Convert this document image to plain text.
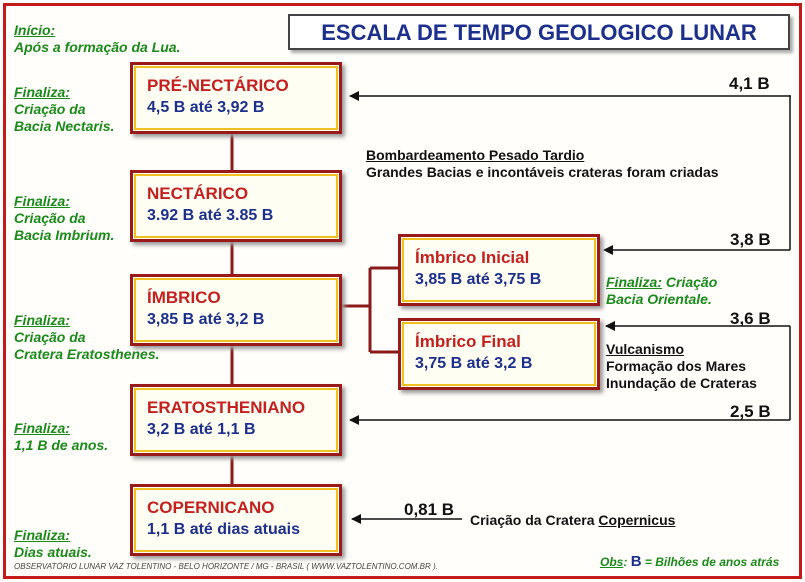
ESCALA DE TEMPO GEOLOGICO LUNAR
Início:
Após a formação da Lua.
Finaliza:
Criação da
Bacia Nectaris.
Finaliza:
Criação da
Bacia Imbrium.
Finaliza:
Criação da
Cratera Eratosthenes.
Finaliza:
1,1 B de anos.
Finaliza:
Dias atuais.
PRÉ-NECTÁRICO
4,5 B até 3,92 B
NECTÁRICO
3.92 B até 3.85 B
ÍMBRICO
3,85 B até 3,2 B
ERATOSTHENIANO
3,2 B até 1,1 B
COPERNICANO
1,1 B até dias atuais
Ímbrico Inicial
3,85 B até 3,75 B
Ímbrico Final
3,75 B até 3,2 B
Bombardeamento Pesado Tardio
Grandes Bacias e incontáveis crateras foram criadas
Finaliza: Criação
Bacia Orientale.
Vulcanismo
Formação dos Mares
Inundação de Crateras
4,1 B
3,8 B
3,6 B
2,5 B
0,81 B
Criação da Cratera Copernicus
Obs: B = Bilhões de anos atrás
OBSERVATÓRIO LUNAR VAZ TOLENTINO - BELO HORIZONTE / MG - BRASIL ( WWW.VAZTOLENTINO.COM.BR ).
